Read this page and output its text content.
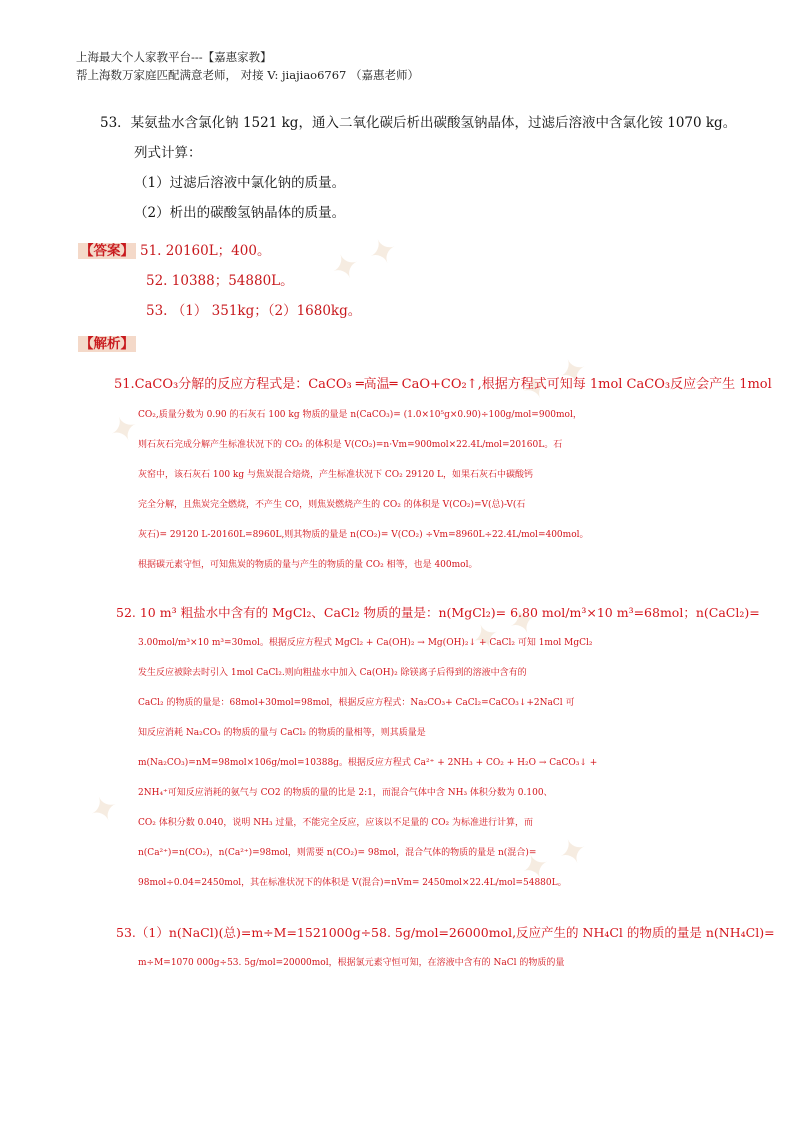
✦ ✦
✦
✦ ✦
✦ ✦
✦
✦ ✦
上海最大个人家教平台---【嘉惠家教】
帮上海数万家庭匹配满意老师， 对接 V: jiajiao6767 （嘉惠老师）
53．某氨盐水含氯化钠 1521 kg，通入二氧化碳后析出碳酸氢钠晶体，过滤后溶液中含氯化铵 1070 kg。
列式计算：
（1）过滤后溶液中氯化钠的质量。
（2）析出的碳酸氢钠晶体的质量。
【答案】 51. 20160L；400。
52. 10388；54880L。
53. （1） 351kg；（2）1680kg。
【解析】
51.CaCO₃分解的反应方程式是：CaCO₃ ═高温═ CaO+CO₂↑,根据方程式可知每 1mol CaCO₃反应会产生 1mol
CO₂,质量分数为 0.90 的石灰石 100 kg 物质的量是 n(CaCO₃)= (1.0×10⁵g×0.90)÷100g/mol=900mol，
则石灰石完成分解产生标准状况下的 CO₂ 的体积是 V(CO₂)=n·Vm=900mol×22.4L/mol=20160L。石
灰窑中，该石灰石 100 kg 与焦炭混合焙烧，产生标准状况下 CO₂ 29120 L，如果石灰石中碳酸钙
完全分解，且焦炭完全燃烧，不产生 CO，则焦炭燃烧产生的 CO₂ 的体积是 V(CO₂)=V(总)-V(石
灰石)= 29120 L-20160L=8960L,则其物质的量是 n(CO₂)= V(CO₂) ÷Vm=8960L÷22.4L/mol=400mol。
根据碳元素守恒，可知焦炭的物质的量与产生的物质的量 CO₂ 相等，也是 400mol。
52. 10 m³ 粗盐水中含有的 MgCl₂、CaCl₂ 物质的量是：n(MgCl₂)= 6.80 mol/m³×10 m³=68mol；n(CaCl₂)=
3.00mol/m³×10 m³=30mol。根据反应方程式 MgCl₂ + Ca(OH)₂ → Mg(OH)₂↓ + CaCl₂ 可知 1mol MgCl₂
发生反应被除去时引入 1mol CaCl₂.则向粗盐水中加入 Ca(OH)₂ 除镁离子后得到的溶液中含有的
CaCl₂ 的物质的量是：68mol+30mol=98mol，根据反应方程式：Na₂CO₃+ CaCl₂=CaCO₃↓+2NaCl 可
知反应消耗 Na₂CO₃ 的物质的量与 CaCl₂ 的物质的量相等，则其质量是
m(Na₂CO₃)=nM=98mol×106g/mol=10388g。根据反应方程式 Ca²⁺ + 2NH₃ + CO₂ + H₂O → CaCO₃↓ +
2NH₄⁺可知反应消耗的氨气与 CO2 的物质的量的比是 2:1，而混合气体中含 NH₃ 体积分数为 0.100、
CO₂ 体积分数 0.040，说明 NH₃ 过量，不能完全反应，应该以不足量的 CO₂ 为标准进行计算，而
n(Ca²⁺)=n(CO₂)，n(Ca²⁺)=98mol，则需要 n(CO₂)= 98mol，混合气体的物质的量是 n(混合)=
98mol÷0.04=2450mol，其在标准状况下的体积是 V(混合)=nVm= 2450mol×22.4L/mol=54880L。
53.（1）n(NaCl)(总)=m÷M=1521000g÷58. 5g/mol=26000mol,反应产生的 NH₄Cl 的物质的量是 n(NH₄Cl)=
m÷M=1070 000g÷53. 5g/mol=20000mol，根据氯元素守恒可知，在溶液中含有的 NaCl 的物质的量
